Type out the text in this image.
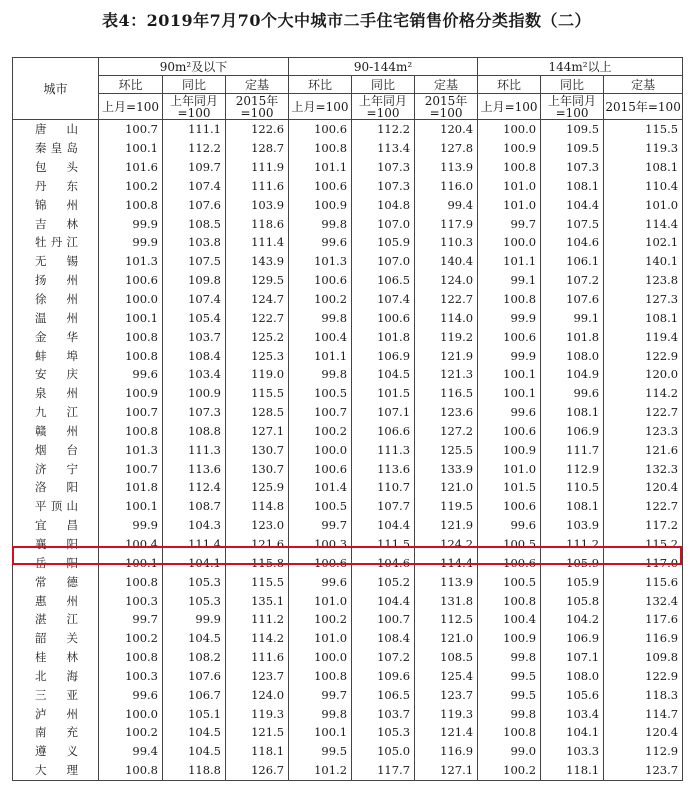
表4：2019年7月70个大中城市二手住宅销售价格分类指数（二）
城市	90m²及以下			90-144m²			144m²以上		
	环比	同比	定基	环比	同比	定基	环比	同比	定基
	上月=100	上年同月=100	2015年=100	上月=100	上年同月=100	2015年=100	上月=100	上年同月=100	2015年=100
唐山	100.7	111.1	122.6	100.6	112.2	120.4	100.0	109.5	115.5
秦皇岛	100.1	112.2	128.7	100.8	113.4	127.8	100.9	109.5	119.3
包头	101.6	109.7	111.9	101.1	107.3	113.9	100.8	107.3	108.1
丹东	100.2	107.4	111.6	100.6	107.3	116.0	101.0	108.1	110.4
锦州	100.8	107.6	103.9	100.9	104.8	99.4	101.0	104.4	101.0
吉林	99.9	108.5	118.6	99.8	107.0	117.9	99.7	107.5	114.4
牡丹江	99.9	103.8	111.4	99.6	105.9	110.3	100.0	104.6	102.1
无锡	101.3	107.5	143.9	101.3	107.0	140.4	101.1	106.1	140.1
扬州	100.6	109.8	129.5	100.6	106.5	124.0	99.1	107.2	123.8
徐州	100.0	107.4	124.7	100.2	107.4	122.7	100.8	107.6	127.3
温州	100.1	105.4	122.7	99.8	100.6	114.0	99.9	99.1	108.1
金华	100.8	103.7	125.2	100.4	101.8	119.2	100.6	101.8	119.4
蚌埠	100.8	108.4	125.3	101.1	106.9	121.9	99.9	108.0	122.9
安庆	99.6	103.4	119.0	99.8	104.5	121.3	100.1	104.9	120.0
泉州	100.9	100.9	115.5	100.5	101.5	116.5	100.1	99.6	114.2
九江	100.7	107.3	128.5	100.7	107.1	123.6	99.6	108.1	122.7
赣州	100.8	108.8	127.1	100.2	106.6	127.2	100.6	106.9	123.3
烟台	101.3	111.3	130.7	100.0	111.3	125.5	100.9	111.7	121.6
济宁	100.7	113.6	130.7	100.6	113.6	133.9	101.0	112.9	132.3
洛阳	101.8	112.4	125.9	101.4	110.7	121.0	101.5	110.5	120.4
平顶山	100.1	108.7	114.8	100.5	107.7	119.5	100.6	108.1	122.7
宜昌	99.9	104.3	123.0	99.7	104.4	121.9	99.6	103.9	117.2
襄阳	100.4	111.4	121.6	100.3	111.5	124.2	100.5	111.2	115.2
岳阳	100.1	104.1	115.8	100.6	104.6	114.4	100.6	105.9	117.0
常德	100.8	105.3	115.5	99.6	105.2	113.9	100.5	105.9	115.6
惠州	100.3	105.3	135.1	101.0	104.4	131.8	100.8	105.8	132.4
湛江	99.7	99.9	111.2	100.2	100.7	112.5	100.4	104.2	117.6
韶关	100.2	104.5	114.2	101.0	108.4	121.0	100.9	106.9	116.9
桂林	100.8	108.2	111.6	100.0	107.2	108.5	99.8	107.1	109.8
北海	100.3	107.6	123.7	100.8	109.6	125.4	99.5	108.0	122.9
三亚	99.6	106.7	124.0	99.7	106.5	123.7	99.5	105.6	118.3
泸州	100.0	105.1	119.3	99.8	103.7	119.3	99.8	103.4	114.7
南充	100.2	104.5	121.5	100.1	105.3	121.4	100.8	104.1	120.4
遵义	99.4	104.5	118.1	99.5	105.0	116.9	99.0	103.3	112.9
大理	100.8	118.8	126.7	101.2	117.7	127.1	100.2	118.1	123.7
